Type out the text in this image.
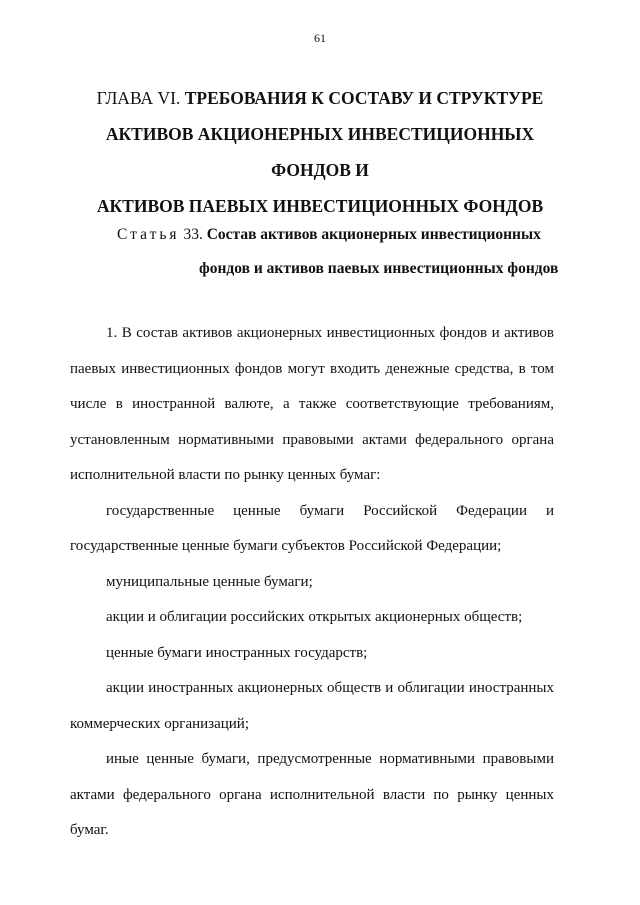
61
ГЛАВА VI. ТРЕБОВАНИЯ К СОСТАВУ И СТРУКТУРЕ
АКТИВОВ АКЦИОНЕРНЫХ ИНВЕСТИЦИОННЫХ ФОНДОВ И
АКТИВОВ ПАЕВЫХ ИНВЕСТИЦИОННЫХ ФОНДОВ
Статья 33. Состав активов акционерных инвестиционных
фондов и активов паевых инвестиционных фондов

1. В состав активов акционерных инвестиционных фондов и активов паевых инвестиционных фондов могут входить денежные средства, в том числе в иностранной валюте, а также соответствующие требованиям, установленным нормативными правовыми актами федерального органа исполнительной власти по рынку ценных бумаг:

государственные ценные бумаги Российской Федерации и государственные ценные бумаги субъектов Российской Федерации;

муниципальные ценные бумаги;

акции и облигации российских открытых акционерных обществ;

ценные бумаги иностранных государств;

акции иностранных акционерных обществ и облигации иностранных коммерческих организаций;

иные ценные бумаги, предусмотренные нормативными правовыми актами федерального органа исполнительной власти по рынку ценных бумаг.
